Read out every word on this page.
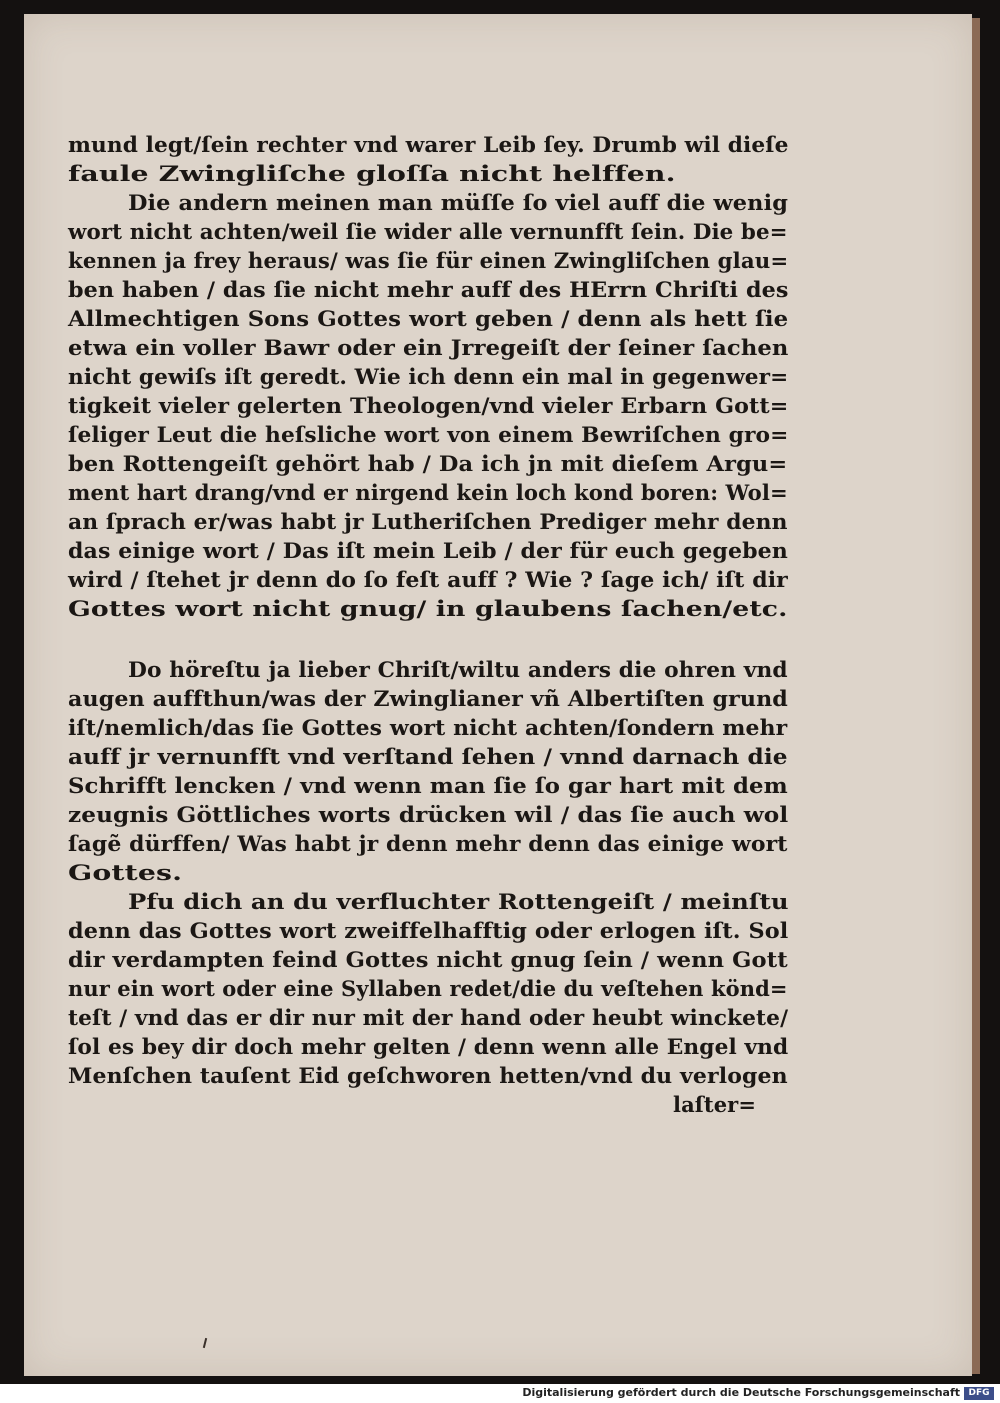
mund legt/ſein rechter vnd warer Leib ſey. Drumb wil dieſe
faule Zwingliſche gloſſa nicht helffen.
Die andern meinen man müſſe ſo viel auff die wenig
wort nicht achten/weil ſie wider alle vernunfft ſein. Die be=
kennen ja frey heraus/ was ſie für einen Zwingliſchen glau=
ben haben / das ſie nicht mehr auff des HErrn Chriſti des
Allmechtigen Sons Gottes wort geben / denn als hett ſie
etwa ein voller Bawr oder ein Jrregeiſt der ſeiner ſachen
nicht gewiſs iſt geredt. Wie ich denn ein mal in gegenwer=
tigkeit vieler gelerten Theologen/vnd vieler Erbarn Gott=
ſeliger Leut die heſsliche wort von einem Bewriſchen gro=
ben Rottengeiſt gehört hab / Da ich jn mit dieſem Argu=
ment hart drang/vnd er nirgend kein loch kond boren: Wol=
an ſprach er/was habt jr Lutheriſchen Prediger mehr denn
das einige wort / Das iſt mein Leib / der für euch gegeben
wird / ſtehet jr denn do ſo feſt auff ? Wie ? ſage ich/ iſt dir
Gottes wort nicht gnug/ in glaubens ſachen/etc.
Do höreſtu ja lieber Chriſt/wiltu anders die ohren vnd
augen auffthun/was der Zwinglianer vñ Albertiſten grund
iſt/nemlich/das ſie Gottes wort nicht achten/ſondern mehr
auff jr vernunfft vnd verſtand ſehen / vnnd darnach die
Schrifft lencken / vnd wenn man ſie ſo gar hart mit dem
zeugnis Göttliches worts drücken wil / das ſie auch wol
ſagẽ dürffen/ Was habt jr denn mehr denn das einige wort
Gottes.
Pfu dich an du verfluchter Rottengeiſt / meinſtu
denn das Gottes wort zweiffelhafftig oder erlogen iſt. Sol
dir verdampten feind Gottes nicht gnug ſein / wenn Gott
nur ein wort oder eine Syllaben redet/die du veſtehen könd=
teſt / vnd das er dir nur mit der hand oder heubt winckete/
ſol es bey dir doch mehr gelten / denn wenn alle Engel vnd
Menſchen tauſent Eid geſchworen hetten/vnd du verlogen
laſter=
Digitalisierung gefördert durch die Deutsche Forschungsgemeinschaft DFG
